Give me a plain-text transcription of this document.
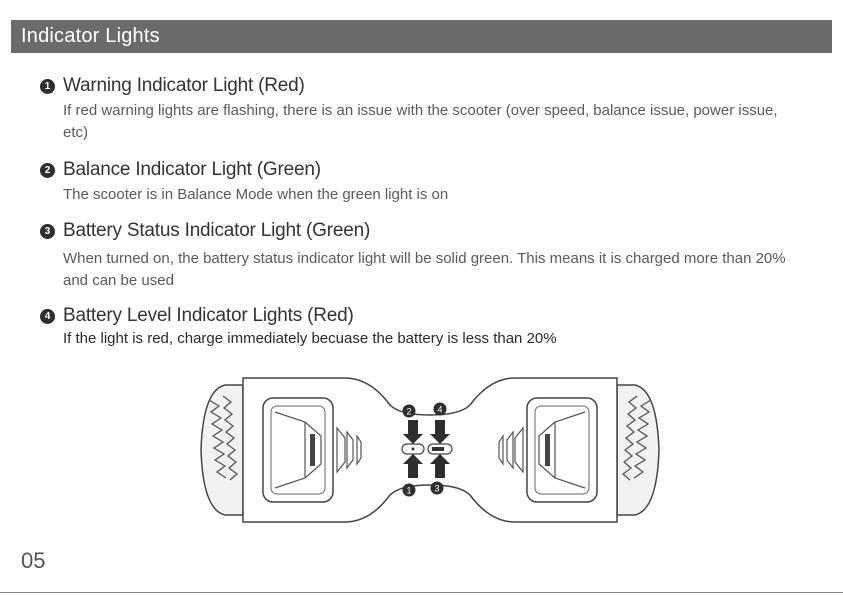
Indicator Lights
1 Warning Indicator Light (Red)
If red warning lights are flashing, there is an issue with the scooter (over speed, balance issue, power issue, etc)
2 Balance Indicator Light (Green)
The scooter is in Balance Mode when the green light is on
3 Battery Status Indicator Light (Green)
When turned on, the battery status indicator light will be solid green. This means it is charged more than 20% and can be used
4 Battery Level Indicator Lights (Red)
If the light is red, charge immediately becuase the battery is less than 20%
2	4
1	3
05
